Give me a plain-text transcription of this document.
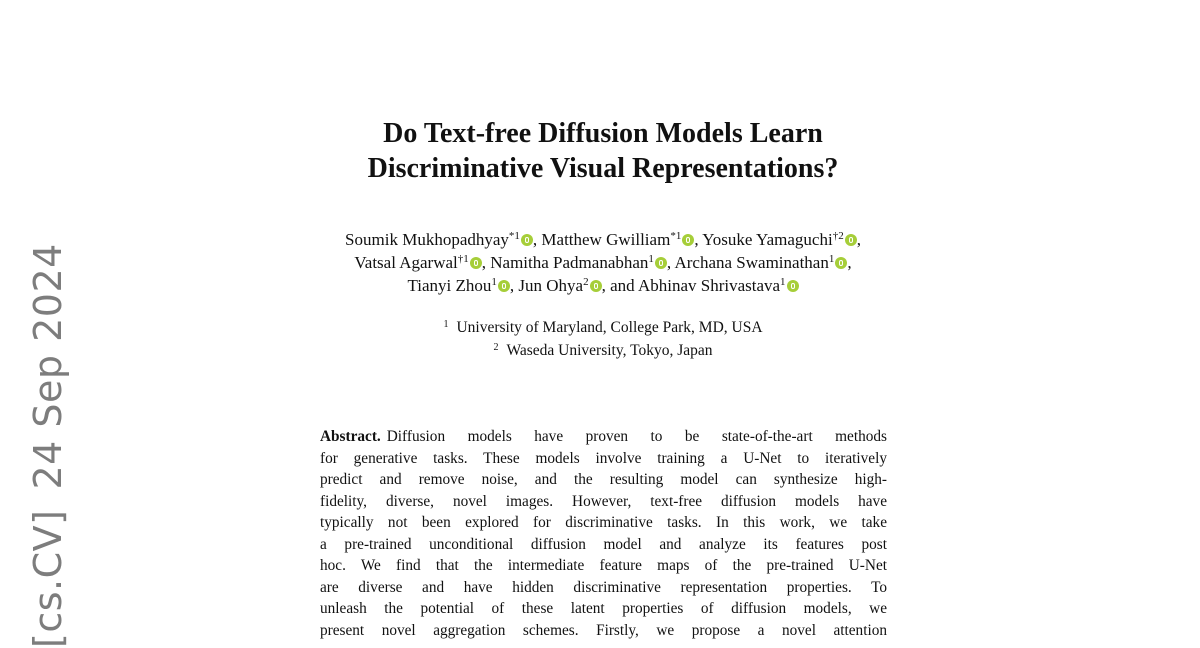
[cs.CV]24 Sep 2024
Do Text-free Diffusion Models Learn
Discriminative Visual Representations?
Soumik Mukhopadhyay$^{*1}$ , Matthew Gwilliam$^{*1}$ , Yosuke Yamaguchi$^{\dagger 2}$ ,
Vatsal Agarwal$^{\dagger 1}$ , Namitha Padmanabhan$^1$ , Archana Swaminathan$^1$ ,
Tianyi Zhou$^1$ , Jun Ohya$^2$ , and Abhinav Shrivastava$^1$
$^1$ University of Maryland, College Park, MD, USA
$^2$ Waseda University, Tokyo, Japan
Abstract. Diffusion models have proven to be state-of-the-art methods
for generative tasks. These models involve training a U-Net to iteratively
predict and remove noise, and the resulting model can synthesize high-
fidelity, diverse, novel images. However, text-free diffusion models have
typically not been explored for discriminative tasks. In this work, we take
a pre-trained unconditional diffusion model and analyze its features post
hoc. We find that the intermediate feature maps of the pre-trained U-Net
are diverse and have hidden discriminative representation properties. To
unleash the potential of these latent properties of diffusion models, we
present novel aggregation schemes. Firstly, we propose a novel attention
